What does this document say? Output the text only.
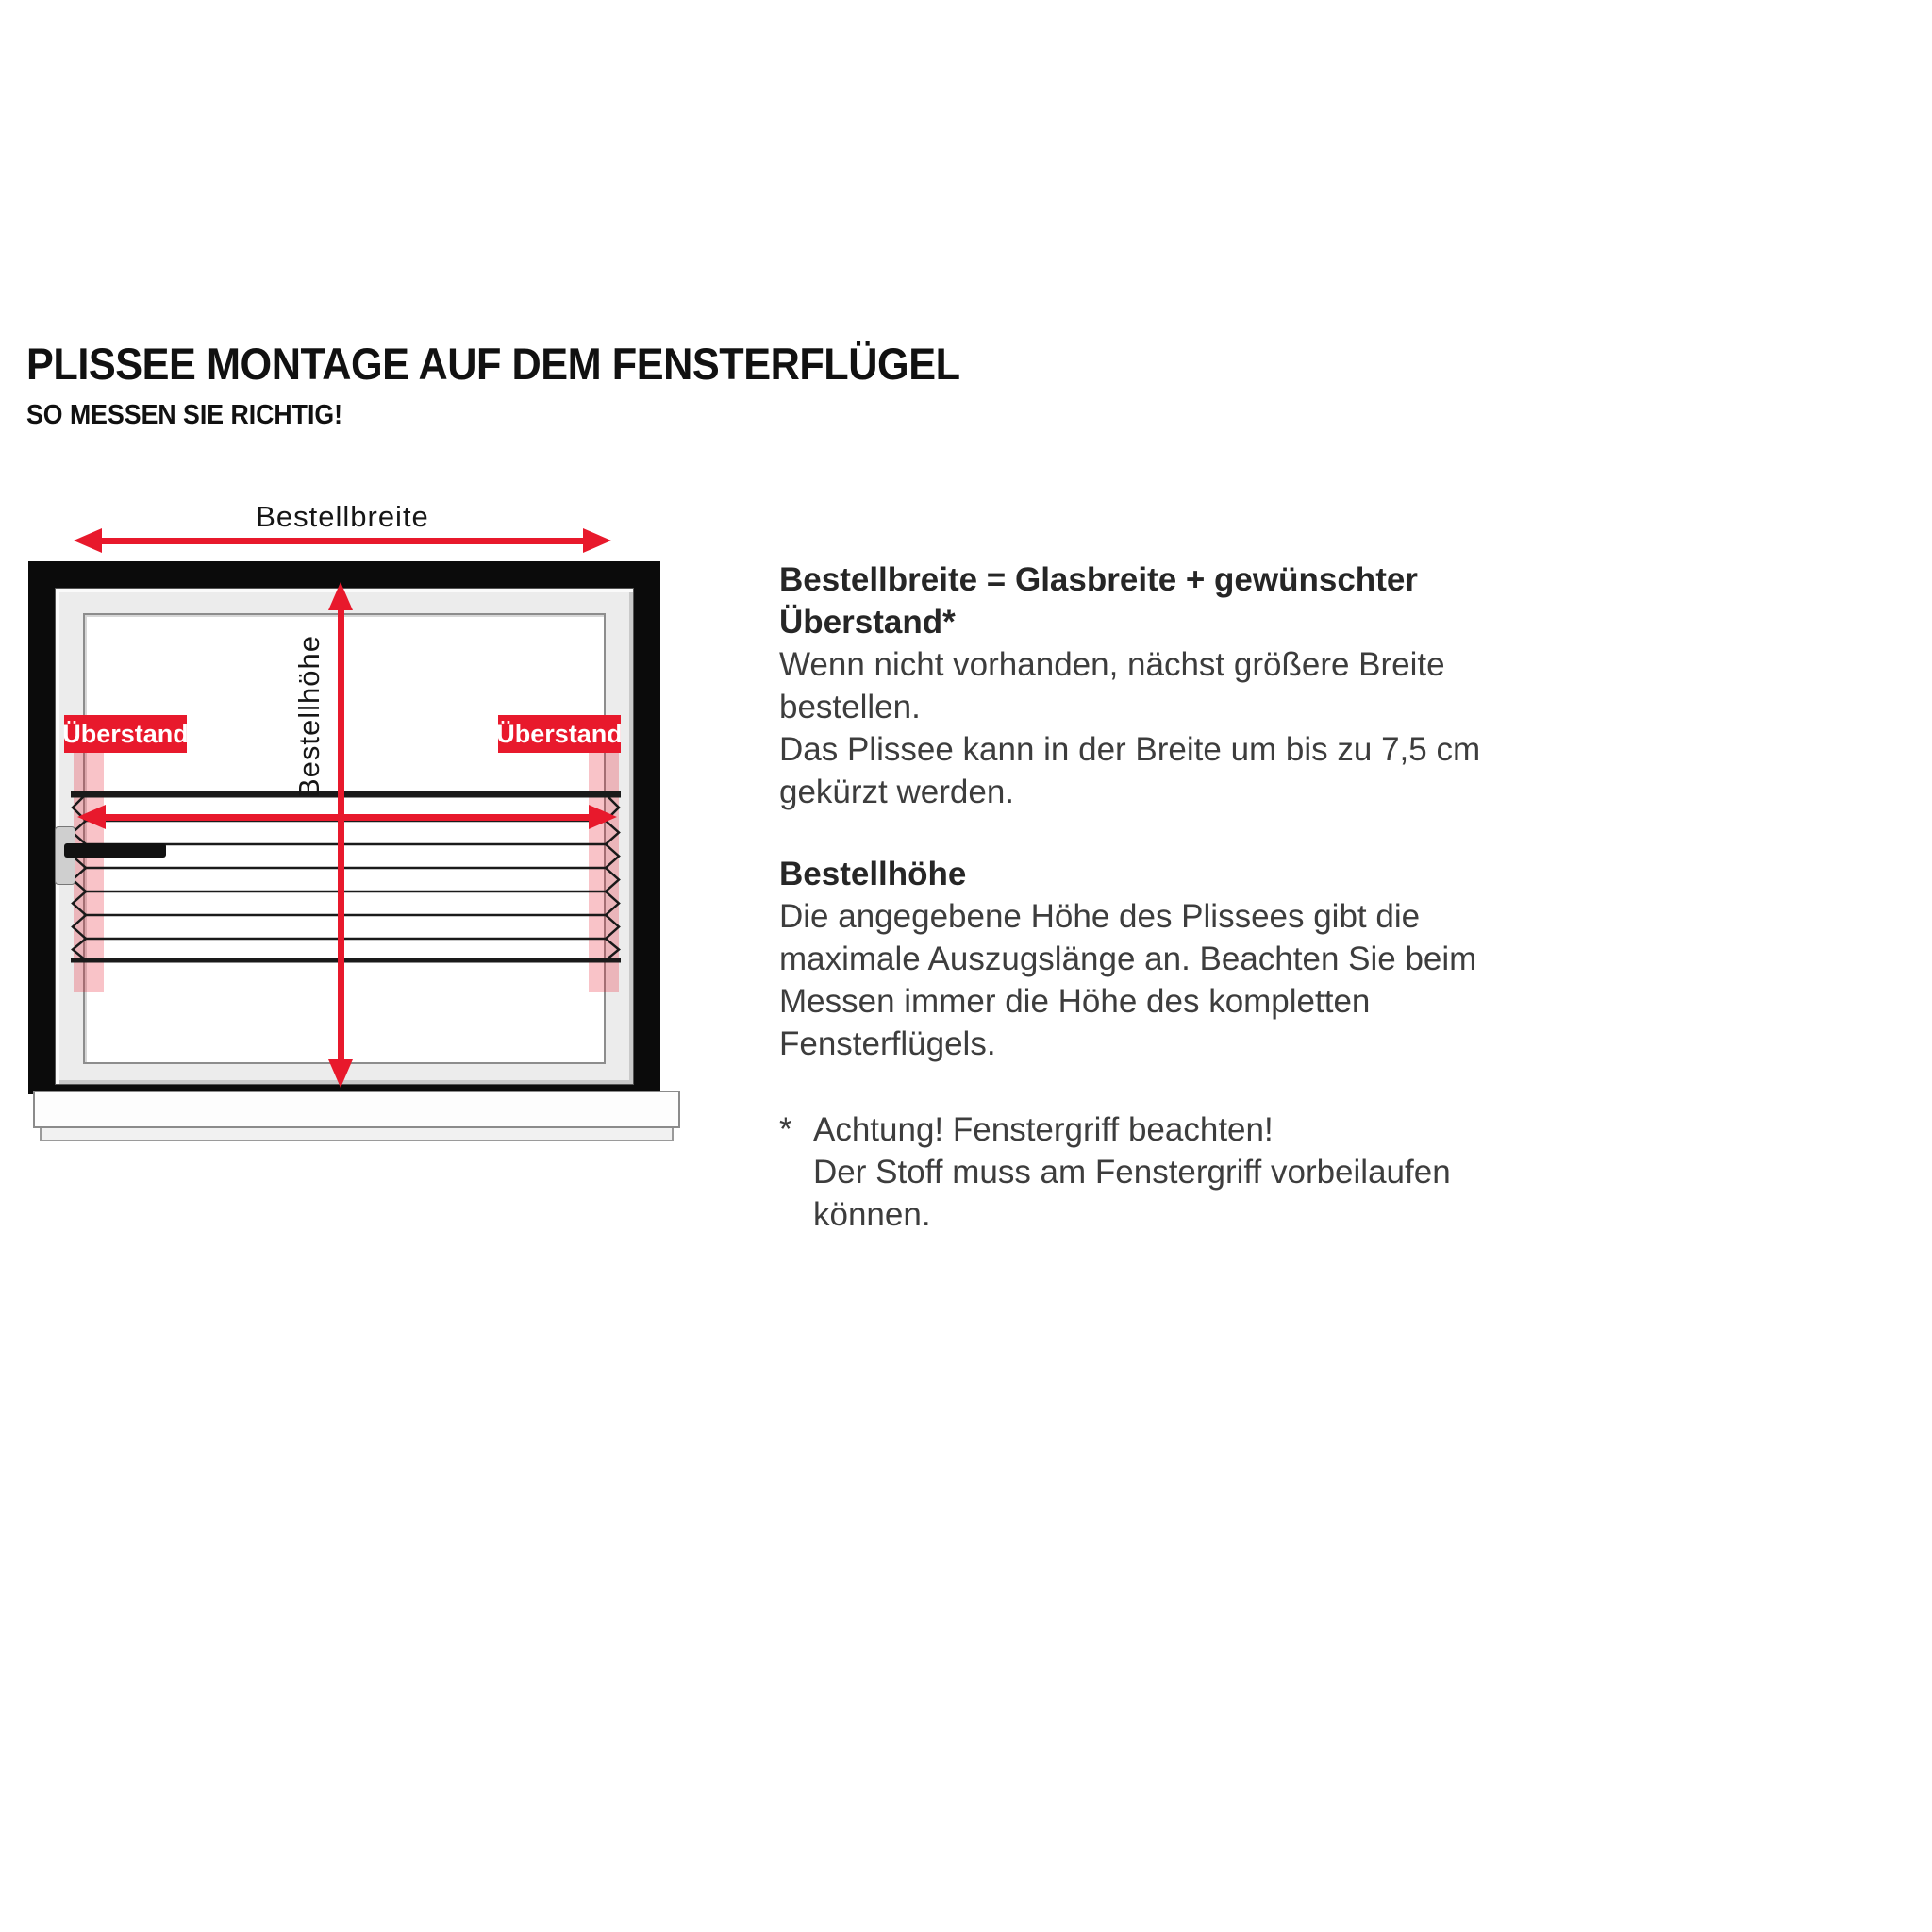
PLISSEE MONTAGE AUF DEM FENSTERFLÜGEL
SO MESSEN SIE RICHTIG!
Bestellbreite
Überstand	Überstand
Bestellhöhe
Bestellbreite = Glasbreite + gewünschter Überstand*
Wenn nicht vorhanden, nächst größere Breite bestellen.
Das Plissee kann in der Breite um bis zu 7,5 cm gekürzt werden.
Bestellhöhe
Die angegebene Höhe des Plissees gibt die maximale Auszugslänge an. Beachten Sie beim Messen immer die Höhe des kompletten Fensterflügels.
* Achtung! Fenstergriff beachten!
Der Stoff muss am Fenstergriff vorbeilaufen können.
